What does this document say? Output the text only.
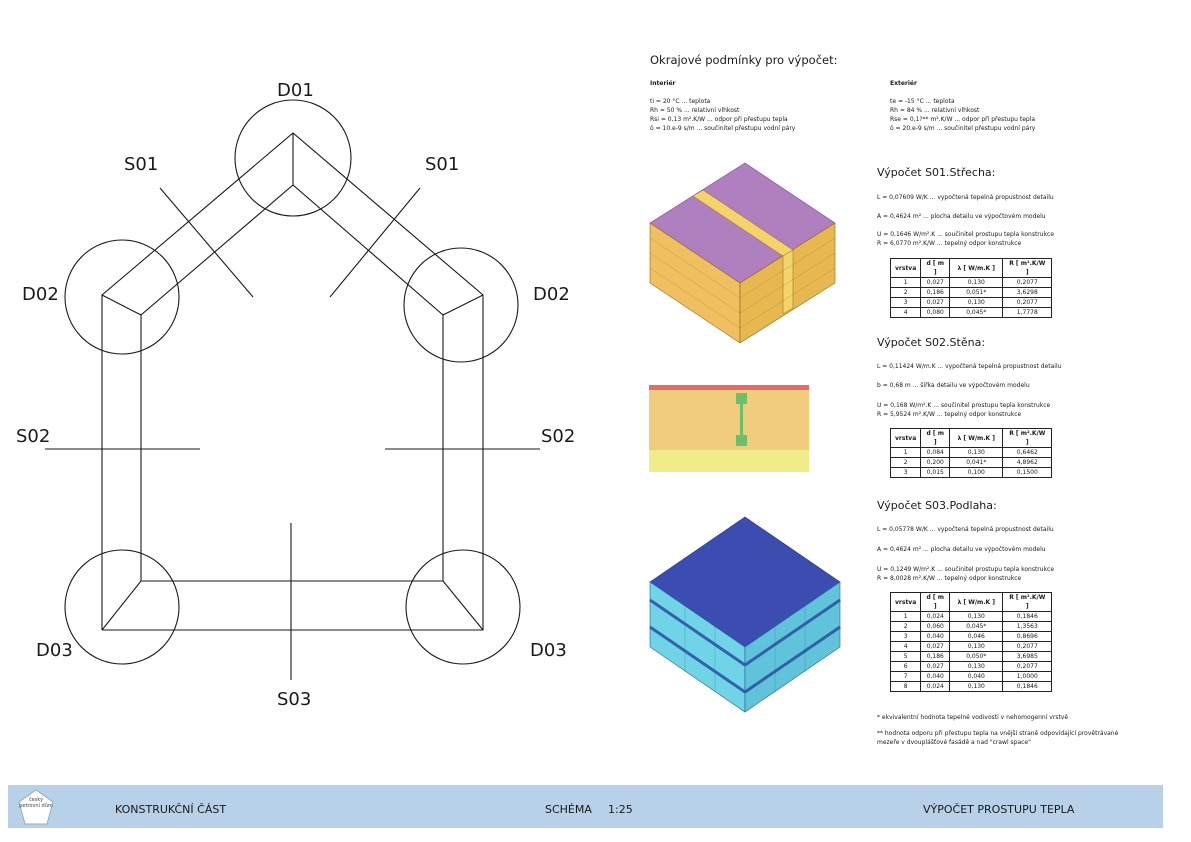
D01
S01	S01
D02	D02
S02	S02
D03	D03
S03
Okrajové podmínky pro výpočet:
Interiér
ti = 20 °C ... teplota
Rh = 50 % ... relativní vlhkost
Rsi = 0,13 m².K/W ... odpor při přestupu tepla
δ = 10.e-9 s/m ... součinitel přestupu vodní páry
Exteriér
te = -15 °C ... teplota
Rh = 84 % ... relativní vlhkost
Rse = 0,1?** m².K/W ... odpor při přestupu tepla
δ = 20.e-9 s/m ... součinitel přestupu vodní páry
Výpočet S01.Střecha:
L = 0,07609 W/K ... vypočtená tepelná propustnost detailu
A = 0,4624 m² ... plocha detailu ve výpočtovém modelu
U = 0,1646 W/m².K ... součinitel prostupu tepla konstrukce
R = 6,0770 m².K/W ... tepelný odpor konstrukce
vrstva	d [ m ]	λ [ W/m.K ]	R [ m².K/W ]
1	0,027	0,130	0,2077
2	0,186	0,051*	3,6298
3	0,027	0,130	0,2077
4	0,080	0,045*	1,7778
Výpočet S02.Stěna:
L = 0,11424 W/m.K ... vypočtená tepelná propustnost detailu
b = 0,68 m ... šířka detailu ve výpočtovém modelu
U = 0,168 W/m².K ... součinitel prostupu tepla konstrukce
R = 5,9524 m².K/W ... tepelný odpor konstrukce
vrstva	d [ m ]	λ [ W/m.K ]	R [ m².K/W ]
1	0,084	0,130	0,6462
2	0,200	0,041*	4,8962
3	0,015	0,100	0,1500
Výpočet S03.Podlaha:
L = 0,05778 W/K ... vypočtená tepelná propustnost detailu
A = 0,4624 m² ... plocha detailu ve výpočtovém modelu
U = 0,1249 W/m².K ... součinitel prostupu tepla konstrukce
R = 8,0028 m².K/W ... tepelný odpor konstrukce
vrstva	d [ m ]	λ [ W/m.K ]	R [ m².K/W ]
1	0,024	0,130	0,1846
2	0,060	0,045*	1,3563
3	0,040	0,046	0,8696
4	0,027	0,130	0,2077
5	0,186	0,050*	3,6985
6	0,027	0,130	0,2077
7	0,040	0,040	1,0000
8	0,024	0,130	0,1846

* ekvivalentní hodnota tepelné vodivosti v nehomogenní vrstvě

** hodnota odporu při přestupu tepla na vnější straně odpovídající provětrávané mezeře v dvouplášťové fasádě a nad "crawl space"

český petrovní dům	KONSTRUKČNÍ ČÁST	SCHÉMA 1:25	VÝPOČET PROSTUPU TEPLA
